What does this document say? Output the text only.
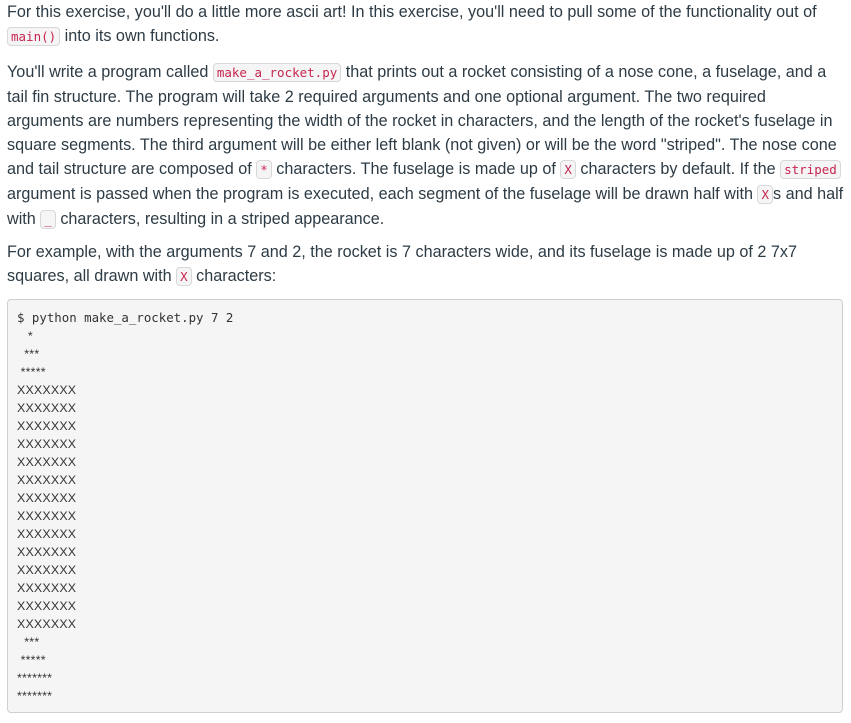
For this exercise, you'll do a little more ascii art! In this exercise, you'll need to pull some of the functionality out of main() into its own functions.

You'll write a program called make_a_rocket.py that prints out a rocket consisting of a nose cone, a fuselage, and a tail fin structure. The program will take 2 required arguments and one optional argument. The two required arguments are numbers representing the width of the rocket in characters, and the length of the rocket's fuselage in square segments. The third argument will be either left blank (not given) or will be the word "striped". The nose cone and tail structure are composed of * characters. The fuselage is made up of X characters by default. If the striped argument is passed when the program is executed, each segment of the fuselage will be drawn half with X s and half with _ characters, resulting in a striped appearance.

For example, with the arguments 7 and 2, the rocket is 7 characters wide, and its fuselage is made up of 2 7x7 squares, all drawn with X characters:

$ python make_a_rocket.py 7 2
*
***
*****
XXXXXXX
XXXXXXX
XXXXXXX
XXXXXXX
XXXXXXX
XXXXXXX
XXXXXXX
XXXXXXX
XXXXXXX
XXXXXXX
XXXXXXX
XXXXXXX
XXXXXXX
XXXXXXX
***
*****
*******
*******
